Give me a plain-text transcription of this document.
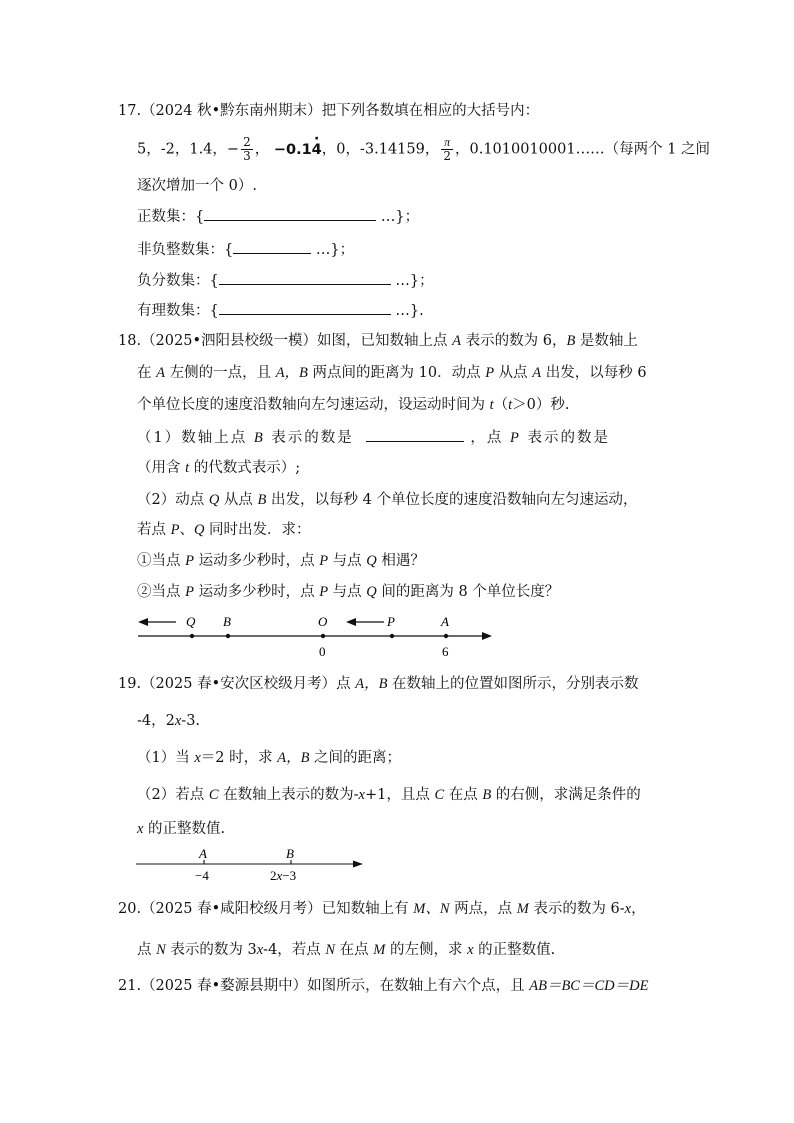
17.（2024 秋•黔东南州期末）把下列各数填在相应的大括号内：
5，-2，1.4，− $\frac{2}{3}$ ， −0.14 ·，0，-3.14159， $\frac{\pi}{2}$ ，0.1010010001……（每两个 1 之间
逐次增加一个 0）.
正数集：{	…}；
非负整数集：{	…}；
负分数集：{	…}；
有理数集：{	…}.
18.（2025•泗阳县校级一模）如图，已知数轴上点 A 表示的数为 6，B 是数轴上
在 A 左侧的一点，且 A，B 两点间的距离为 10．动点 P 从点 A 出发，以每秒 6
个单位长度的速度沿数轴向左匀速运动，设运动时间为 t（t＞0）秒.
（1）数轴上点 B 表示的数是	，点 P 表示的数是
（用含 t 的代数式表示）;
（2）动点 Q 从点 B 出发，以每秒 4 个单位长度的速度沿数轴向左匀速运动，
若点 P、Q 同时出发．求：
①当点 P 运动多少秒时，点 P 与点 Q 相遇？
②当点 P 运动多少秒时，点 P 与点 Q 间的距离为 8 个单位长度？
Q B	O	P	A
0	6
19.（2025 春•安次区校级月考）点 A，B 在数轴上的位置如图所示，分别表示数
-4，2x-3.
（1）当 x＝2 时，求 A，B 之间的距离；
（2）若点 C 在数轴上表示的数为-x+1，且点 C 在点 B 的右侧，求满足条件的
x 的正整数值.
A	B
−4	2x−3
20.（2025 春•咸阳校级月考）已知数轴上有 M、N 两点，点 M 表示的数为 6-x，
点 N 表示的数为 3x-4，若点 N 在点 M 的左侧，求 x 的正整数值.
21.（2025 春•婺源县期中）如图所示，在数轴上有六个点，且 AB＝BC＝CD＝DE
